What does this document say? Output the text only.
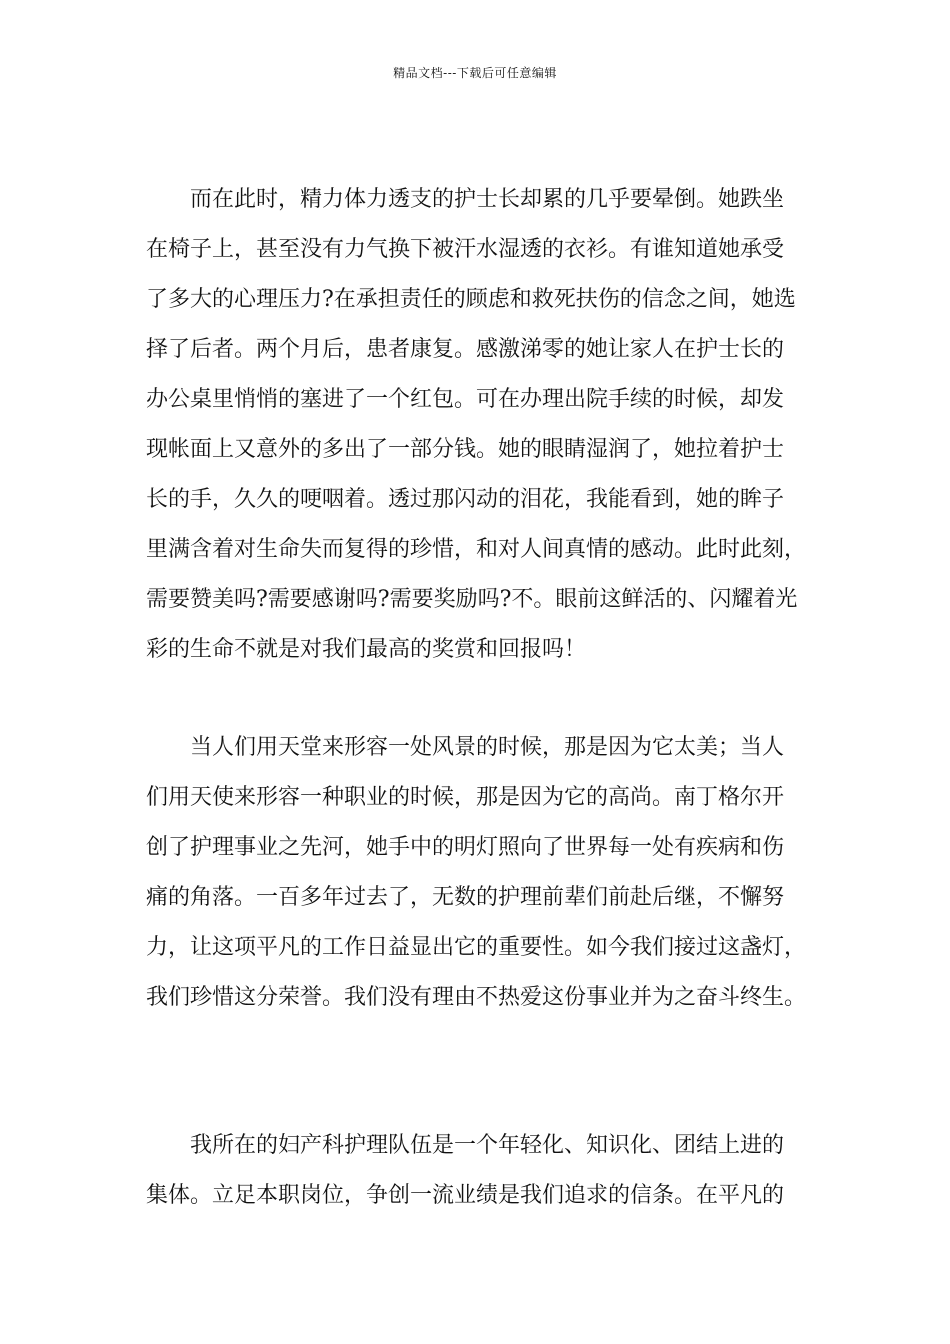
精品文档---下载后可任意编辑

而在此时，精力体力透支的护士长却累的几乎要晕倒。她跌坐
在椅子上，甚至没有力气换下被汗水湿透的衣衫。有谁知道她承受
了多大的心理压力?在承担责任的顾虑和救死扶伤的信念之间，她选
择了后者。两个月后，患者康复。感激涕零的她让家人在护士长的
办公桌里悄悄的塞进了一个红包。可在办理出院手续的时候，却发
现帐面上又意外的多出了一部分钱。她的眼睛湿润了，她拉着护士
长的手，久久的哽咽着。透过那闪动的泪花，我能看到，她的眸子
里满含着对生命失而复得的珍惜，和对人间真情的感动。此时此刻，
需要赞美吗?需要感谢吗?需要奖励吗?不。眼前这鲜活的、闪耀着光
彩的生命不就是对我们最高的奖赏和回报吗！

当人们用天堂来形容一处风景的时候，那是因为它太美；当人
们用天使来形容一种职业的时候，那是因为它的高尚。南丁格尔开
创了护理事业之先河，她手中的明灯照向了世界每一处有疾病和伤
痛的角落。一百多年过去了，无数的护理前辈们前赴后继，不懈努
力，让这项平凡的工作日益显出它的重要性。如今我们接过这盏灯，
我们珍惜这分荣誉。我们没有理由不热爱这份事业并为之奋斗终生。

我所在的妇产科护理队伍是一个年轻化、知识化、团结上进的
集体。立足本职岗位，争创一流业绩是我们追求的信条。在平凡的
